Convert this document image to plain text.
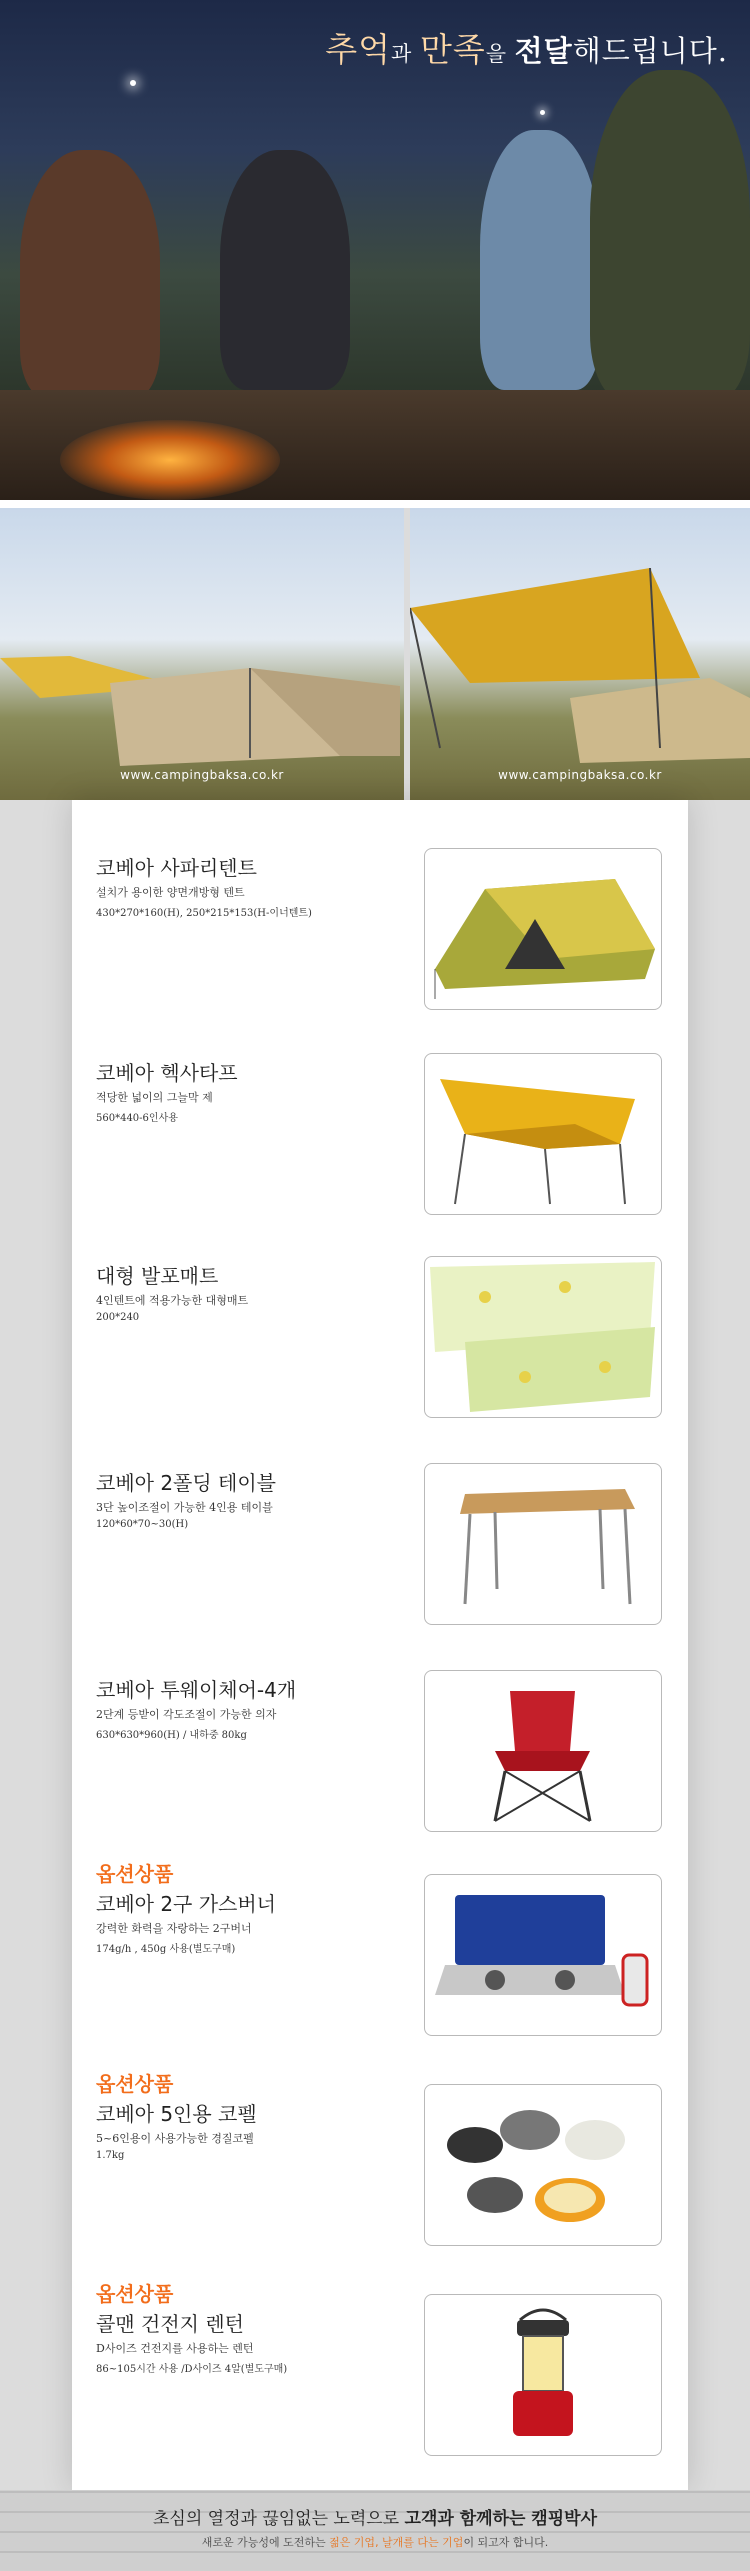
추억과 만족을 전달해드립니다.
www.campingbaksa.co.kr	www.campingbaksa.co.kr
코베아 사파리텐트
설치가 용이한 양면개방형 텐트
430*270*160(H), 250*215*153(H-이너텐트)
코베아 헥사타프
적당한 넓이의 그늘막 제
560*440-6인사용
대형 발포매트
4인텐트에 적용가능한 대형매트
200*240
코베아 2폴딩 테이블
3단 높이조절이 가능한 4인용 테이블
120*60*70~30(H)
코베아 투웨이체어-4개
2단계 등받이 각도조절이 가능한 의자
630*630*960(H) / 내하중 80kg
옵션상품
코베아 2구 가스버너
강력한 화력을 자랑하는 2구버너
174g/h , 450g 사용(별도구매)
옵션상품
코베아 5인용 코펠
5~6인용이 사용가능한 경질코펠
1.7kg
옵션상품
콜맨 건전지 렌턴
D사이즈 건전지를 사용하는 렌턴
86~105시간 사용 /D사이즈 4알(별도구매)
초심의 열정과 끊임없는 노력으로 고객과 함께하는 캠핑박사
새로운 가능성에 도전하는 젊은 기업, 날개를 다는 기업이 되고자 합니다.
